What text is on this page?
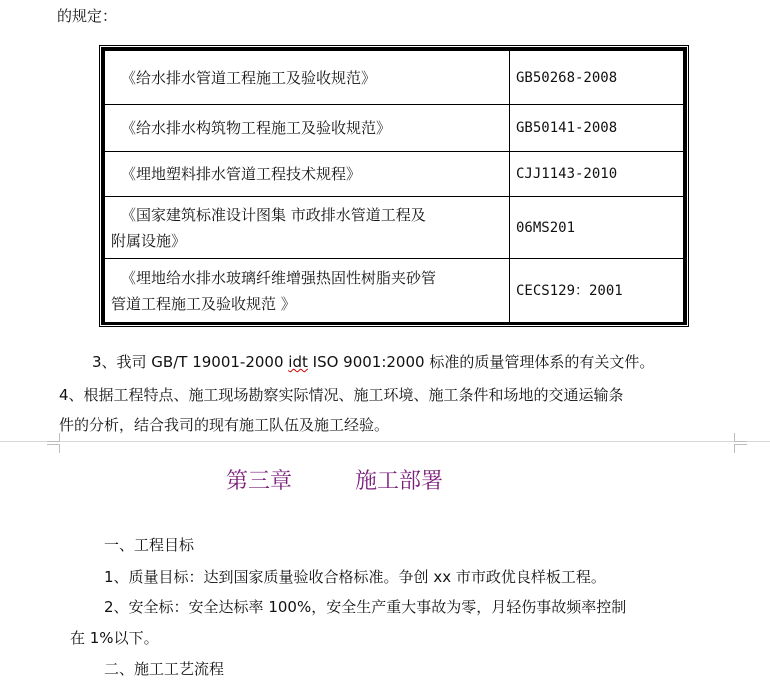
的规定：
《给水排水管道工程施工及验收规范》	GB50268-2008
《给水排水构筑物工程施工及验收规范》	GB50141-2008
《埋地塑料排水管道工程技术规程》	CJJ1143-2010

《国家建筑标准设计图集 市政排水管道工程及
附属设施》	06MS201

《埋地给水排水玻璃纤维增强热固性树脂夹砂管
管道工程施工及验收规范 》	CECS129：2001
3、我司 GB/T 19001-2000 idt ISO 9001:2000 标准的质量管理体系的有关文件。
4、根据工程特点、施工现场勘察实际情况、施工环境、施工条件和场地的交通运输条
件的分析，结合我司的现有施工队伍及施工经验。
第三章	施工部署
一、工程目标
1、质量目标：达到国家质量验收合格标准。争创 xx 市市政优良样板工程。
2、安全标：安全达标率 100%，安全生产重大事故为零，月轻伤事故频率控制
在 1%以下。
二、施工工艺流程
